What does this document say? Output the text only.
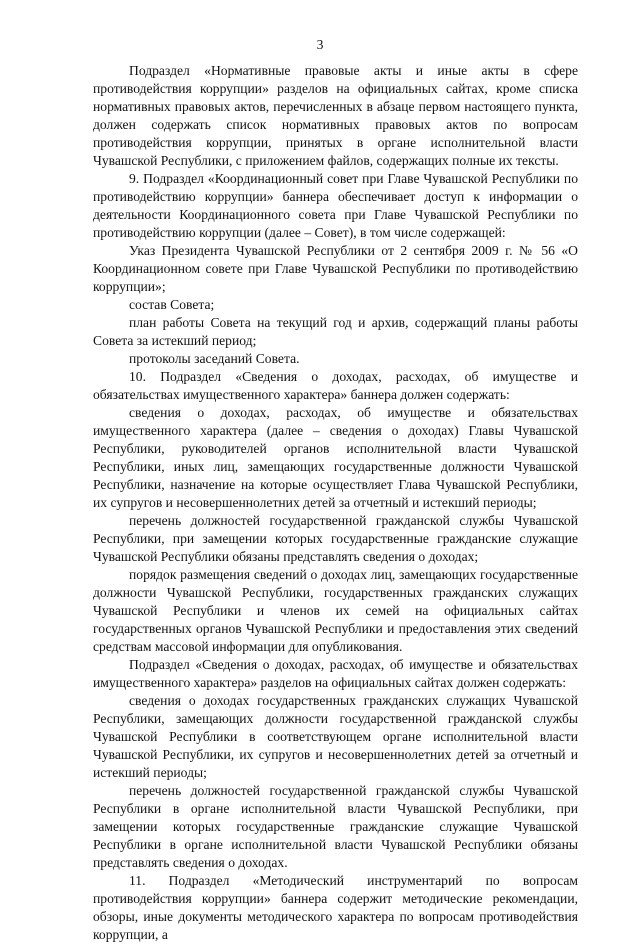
3

Подраздел «Нормативные правовые акты и иные акты в сфере противодействия коррупции» разделов на официальных сайтах, кроме списка нормативных правовых актов, перечисленных в абзаце первом настоящего пункта, должен содержать список нормативных правовых актов по вопросам противодействия коррупции, принятых в органе исполнительной власти Чувашской Республики, с приложением файлов, содержащих полные их тексты.

9. Подраздел «Координационный совет при Главе Чувашской Республики по противодействию коррупции» баннера обеспечивает доступ к информации о деятельности Координационного совета при Главе Чувашской Республики по противодействию коррупции (далее – Совет), в том числе содержащей:

Указ Президента Чувашской Республики от 2 сентября 2009 г. № 56 «О Координационном совете при Главе Чувашской Республики по противодействию коррупции»;

состав Совета;

план работы Совета на текущий год и архив, содержащий планы работы Совета за истекший период;

протоколы заседаний Совета.

10. Подраздел «Сведения о доходах, расходах, об имуществе и обязательствах имущественного характера» баннера должен содержать:

сведения о доходах, расходах, об имуществе и обязательствах имущественного характера (далее – сведения о доходах) Главы Чувашской Республики, руководителей органов исполнительной власти Чувашской Республики, иных лиц, замещающих государственные должности Чувашской Республики, назначение на которые осуществляет Глава Чувашской Республики, их супругов и несовершеннолетних детей за отчетный и истекший периоды;

перечень должностей государственной гражданской службы Чувашской Республики, при замещении которых государственные гражданские служащие Чувашской Республики обязаны представлять сведения о доходах;

порядок размещения сведений о доходах лиц, замещающих государственные должности Чувашской Республики, государственных гражданских служащих Чувашской Республики и членов их семей на официальных сайтах государственных органов Чувашской Республики и предоставления этих сведений средствам массовой информации для опубликования.

Подраздел «Сведения о доходах, расходах, об имуществе и обязательствах имущественного характера» разделов на официальных сайтах должен содержать:

сведения о доходах государственных гражданских служащих Чувашской Республики, замещающих должности государственной гражданской службы Чувашской Республики в соответствующем органе исполнительной власти Чувашской Республики, их супругов и несовершеннолетних детей за отчетный и истекший периоды;

перечень должностей государственной гражданской службы Чувашской Республики в органе исполнительной власти Чувашской Республики, при замещении которых государственные гражданские служащие Чувашской Республики в органе исполнительной власти Чувашской Республики обязаны представлять сведения о доходах.

11. Подраздел «Методический инструментарий по вопросам противодействия коррупции» баннера содержит методические рекомендации, обзоры, иные документы методического характера по вопросам противодействия коррупции, а
